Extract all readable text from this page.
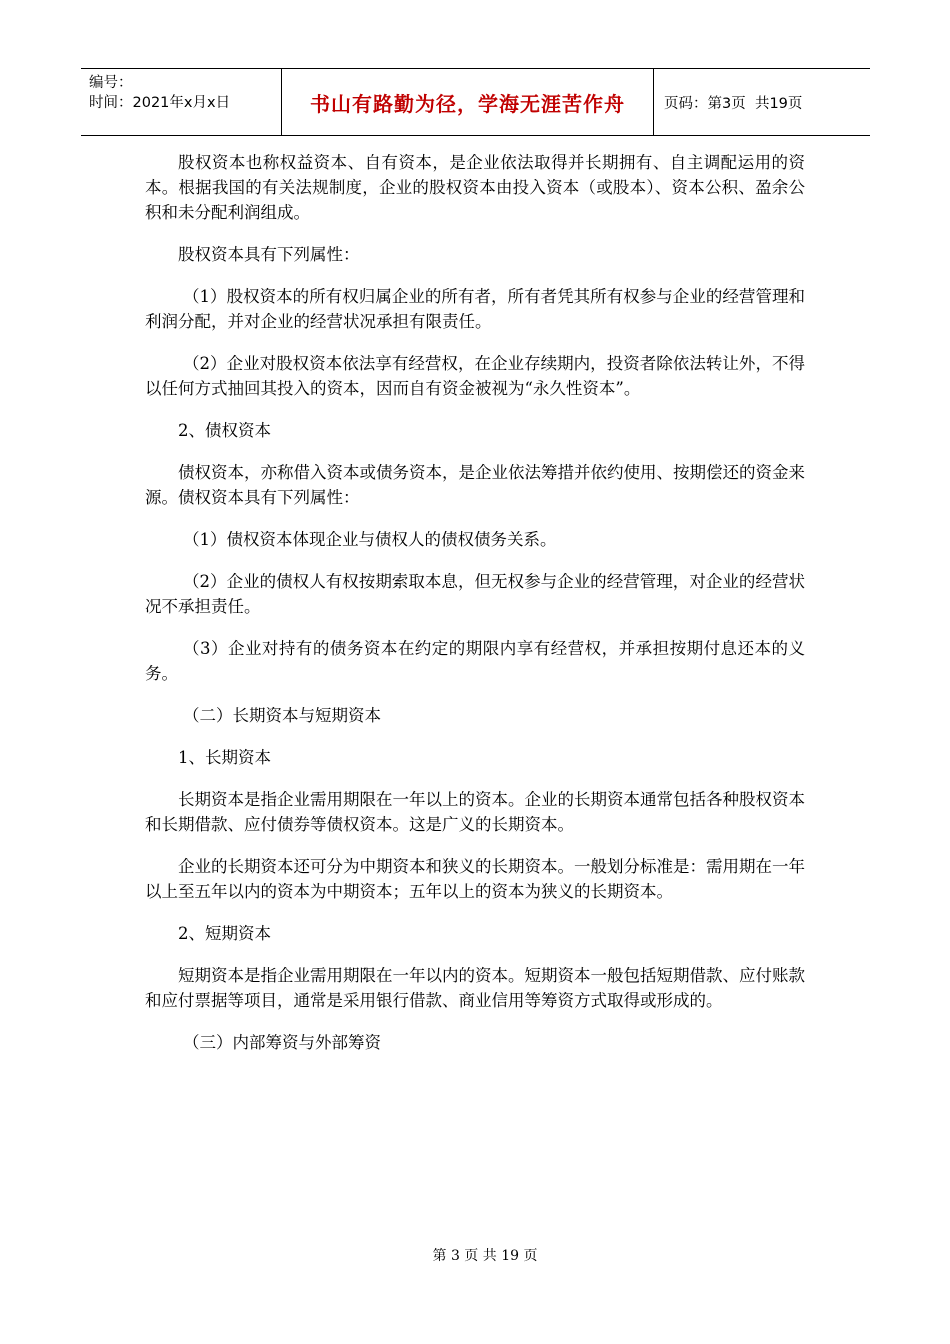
编号：
时间：2021年x月x日	书山有路勤为径，学海无涯苦作舟	页码：第3页  共19页

股权资本也称权益资本、自有资本，是企业依法取得并长期拥有、自主调配运用的资本。根据我国的有关法规制度，企业的股权资本由投入资本（或股本）、资本公积、盈余公积和未分配利润组成。

股权资本具有下列属性：

（1）股权资本的所有权归属企业的所有者，所有者凭其所有权参与企业的经营管理和利润分配，并对企业的经营状况承担有限责任。

（2）企业对股权资本依法享有经营权，在企业存续期内，投资者除依法转让外，不得以任何方式抽回其投入的资本，因而自有资金被视为“永久性资本”。

2、债权资本

债权资本，亦称借入资本或债务资本，是企业依法筹措并依约使用、按期偿还的资金来源。债权资本具有下列属性：

（1）债权资本体现企业与债权人的债权债务关系。

（2）企业的债权人有权按期索取本息，但无权参与企业的经营管理，对企业的经营状况不承担责任。

（3）企业对持有的债务资本在约定的期限内享有经营权，并承担按期付息还本的义务。

（二）长期资本与短期资本

1、长期资本

长期资本是指企业需用期限在一年以上的资本。企业的长期资本通常包括各种股权资本和长期借款、应付债券等债权资本。这是广义的长期资本。

企业的长期资本还可分为中期资本和狭义的长期资本。一般划分标准是：需用期在一年以上至五年以内的资本为中期资本；五年以上的资本为狭义的长期资本。

2、短期资本

短期资本是指企业需用期限在一年以内的资本。短期资本一般包括短期借款、应付账款和应付票据等项目，通常是采用银行借款、商业信用等筹资方式取得或形成的。

（三）内部筹资与外部筹资

第 3 页 共 19 页
